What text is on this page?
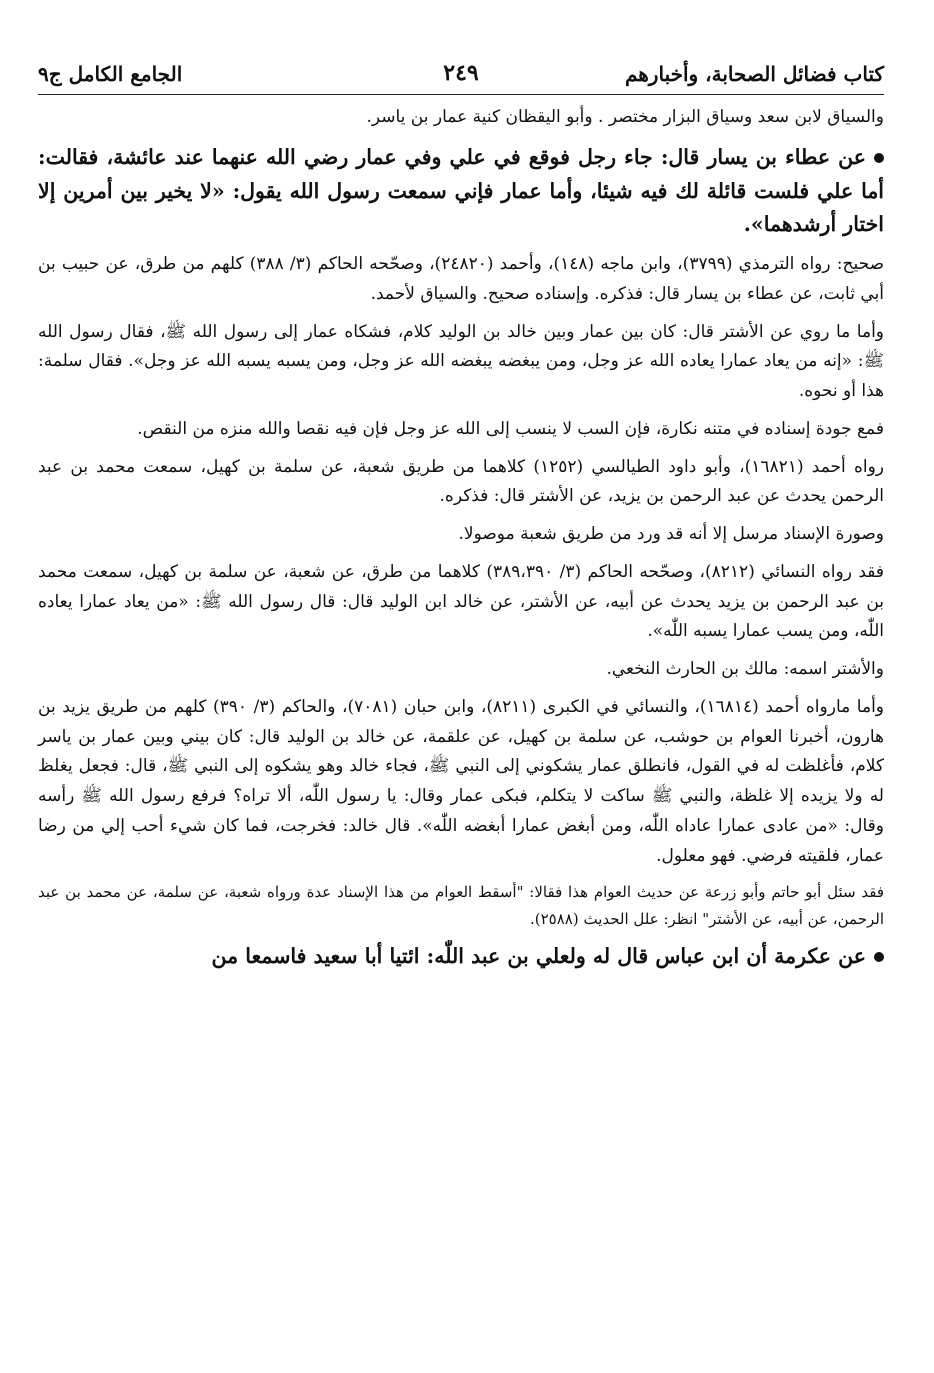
كتاب فضائل الصحابة، وأخبارهم
٢٤٩
الجامع الكامل ج٩

والسياق لابن سعد وسياق البزار مختصر . وأبو اليقظان كنية عمار بن ياسر.

عن عطاء بن يسار قال: جاء رجل فوقع في علي وفي عمار رضي الله عنهما عند عائشة، فقالت: أما علي فلست قائلة لك فيه شيئا، وأما عمار فإني سمعت رسول الله يقول: «لا يخير بين أمرين إلا اختار أرشدهما».

صحيح: رواه الترمذي (٣٧٩٩)، وابن ماجه (١٤٨)، وأحمد (٢٤٨٢٠)، وصحّحه الحاكم (٣/ ٣٨٨) كلهم من طرق، عن حبيب بن أبي ثابت، عن عطاء بن يسار قال: فذكره. وإسناده صحيح. والسياق لأحمد.

وأما ما روي عن الأشتر قال: كان بين عمار وبين خالد بن الوليد كلام، فشكاه عمار إلى رسول الله ﷺ، فقال رسول الله ﷺ: «إنه من يعاد عمارا يعاده الله عز وجل، ومن يبغضه يبغضه الله عز وجل، ومن يسبه يسبه الله عز وجل». فقال سلمة: هذا أو نحوه.

فمع جودة إسناده في متنه نكارة، فإن السب لا ينسب إلى الله عز وجل فإن فيه نقصا والله منزه من النقص.

رواه أحمد (١٦٨٢١)، وأبو داود الطيالسي (١٢٥٢) كلاهما من طريق شعبة، عن سلمة بن كهيل، سمعت محمد بن عبد الرحمن يحدث عن عبد الرحمن بن يزيد، عن الأشتر قال: فذكره.

وصورة الإسناد مرسل إلا أنه قد ورد من طريق شعبة موصولا.

فقد رواه النسائي (٨٢١٢)، وصحّحه الحاكم (٣/ ٣٨٩،٣٩٠) كلاهما من طرق، عن شعبة، عن سلمة بن كهيل، سمعت محمد بن عبد الرحمن بن يزيد يحدث عن أبيه، عن الأشتر، عن خالد ابن الوليد قال: قال رسول الله ﷺ: «من يعاد عمارا يعاده اللّٰه، ومن يسب عمارا يسبه اللّٰه».

والأشتر اسمه: مالك بن الحارث النخعي.

وأما مارواه أحمد (١٦٨١٤)، والنسائي في الكبرى (٨٢١١)، وابن حبان (٧٠٨١)، والحاكم (٣/ ٣٩٠) كلهم من طريق يزيد بن هارون، أخبرنا العوام بن حوشب، عن سلمة بن كهيل، عن علقمة، عن خالد بن الوليد قال: كان بيني وبين عمار بن ياسر كلام، فأغلظت له في القول، فانطلق عمار يشكوني إلى النبي ﷺ، فجاء خالد وهو يشكوه إلى النبي ﷺ، قال: فجعل يغلظ له ولا يزيده إلا غلظة، والنبي ﷺ ساكت لا يتكلم، فبكى عمار وقال: يا رسول اللّٰه، ألا تراه؟ فرفع رسول الله ﷺ رأسه وقال: «من عادى عمارا عاداه اللّٰه، ومن أبغض عمارا أبغضه اللّٰه». قال خالد: فخرجت، فما كان شيء أحب إلي من رضا عمار، فلقيته فرضي. فهو معلول.

فقد سئل أبو حاتم وأبو زرعة عن حديث العوام هذا فقالا: "أسقط العوام من هذا الإسناد عدة ورواه شعبة، عن سلمة، عن محمد بن عبد الرحمن، عن أبيه، عن الأشتر" انظر: علل الحديث (٢٥٨٨).

عن عكرمة أن ابن عباس قال له ولعلي بن عبد اللّٰه: ائتيا أبا سعيد فاسمعا من
